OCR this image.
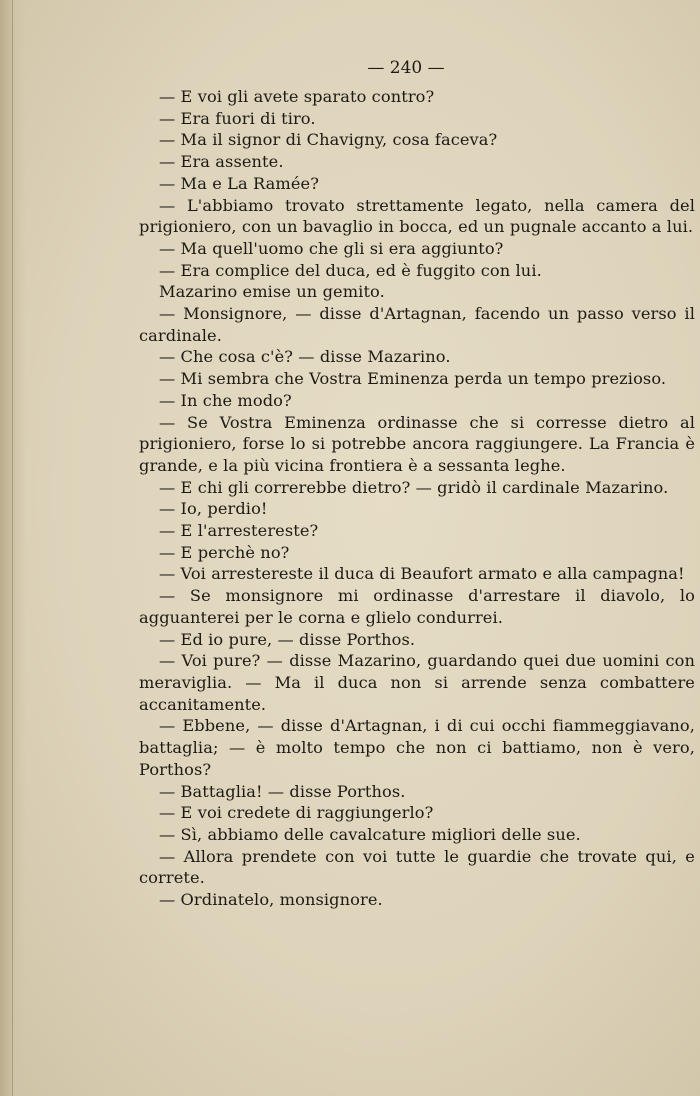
— 240 —

— E voi gli avete sparato contro?

— Era fuori di tiro.

— Ma il signor di Chavigny, cosa faceva?

— Era assente.

— Ma e La Ramée?

— L'abbiamo trovato strettamente legato, nella camera del prigioniero, con un bavaglio in bocca, ed un pugnale accanto a lui.

— Ma quell'uomo che gli si era aggiunto?

— Era complice del duca, ed è fuggito con lui.

Mazarino emise un gemito.

— Monsignore, — disse d'Artagnan, facendo un passo verso il cardinale.

— Che cosa c'è? — disse Mazarino.

— Mi sembra che Vostra Eminenza perda un tempo prezioso.

— In che modo?

— Se Vostra Eminenza ordinasse che si corresse dietro al prigioniero, forse lo si potrebbe ancora raggiungere. La Francia è grande, e la più vicina frontiera è a sessanta leghe.

— E chi gli correrebbe dietro? — gridò il cardinale Mazarino.

— Io, perdio!

— E l'arrestereste?

— E perchè no?

— Voi arrestereste il duca di Beaufort armato e alla campagna!

— Se monsignore mi ordinasse d'arrestare il diavolo, lo agguanterei per le corna e glielo condurrei.

— Ed io pure, — disse Porthos.

— Voi pure? — disse Mazarino, guardando quei due uomini con meraviglia. — Ma il duca non si arrende senza combattere accanitamente.

— Ebbene, — disse d'Artagnan, i di cui occhi fiammeggiavano, battaglia; — è molto tempo che non ci battiamo, non è vero, Porthos?

— Battaglia! — disse Porthos.

— E voi credete di raggiungerlo?

— Sì, abbiamo delle cavalcature migliori delle sue.

— Allora prendete con voi tutte le guardie che trovate qui, e correte.

— Ordinatelo, monsignore.
